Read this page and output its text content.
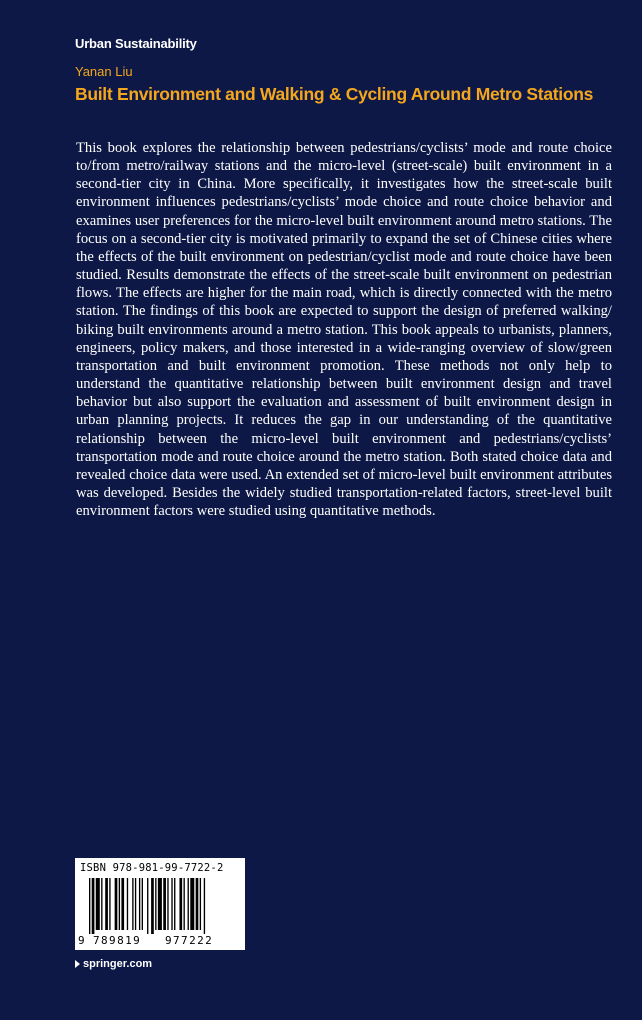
Urban Sustainability
Yanan Liu
Built Environment and Walking & Cycling Around Metro Stations

This book explores the relationship between pedestrians/cyclists’ mode and route choice to/from metro/railway stations and the micro-level (street-scale) built environment in a second-tier city in China. More specifically, it investigates how the street-scale built environment influences pedestrians/cyclists’ mode choice and route choice behavior and examines user preferences for the micro-level built environment around metro stations. The focus on a second-tier city is motivated primarily to expand the set of Chinese cities where the effects of the built environment on pedestrian/cyclist mode and route choice have been studied. Results demonstrate the effects of the street-scale built environment on pedestrian flows. The effects are higher for the main road, which is directly connected with the metro station. The findings of this book are expected to support the design of preferred walking/ biking built environments around a metro station. This book appeals to urbanists, planners, engineers, policy makers, and those interested in a wide-ranging overview of slow/green transportation and built environment promotion. These methods not only help to understand the quantitative relationship between built environment design and travel behavior but also support the evaluation and assessment of built environment design in urban planning projects. It reduces the gap in our understanding of the quantitative relationship between the micro-level built environment and pedestrians/cyclists’ transportation mode and route choice around the metro station. Both stated choice data and revealed choice data were used. An extended set of micro-level built environment attributes was developed. Besides the widely studied transportation-related factors, street-level built environment factors were studied using quantitative methods.

ISBN 978-981-99-7722-2
9 789819 977222
springer.com
